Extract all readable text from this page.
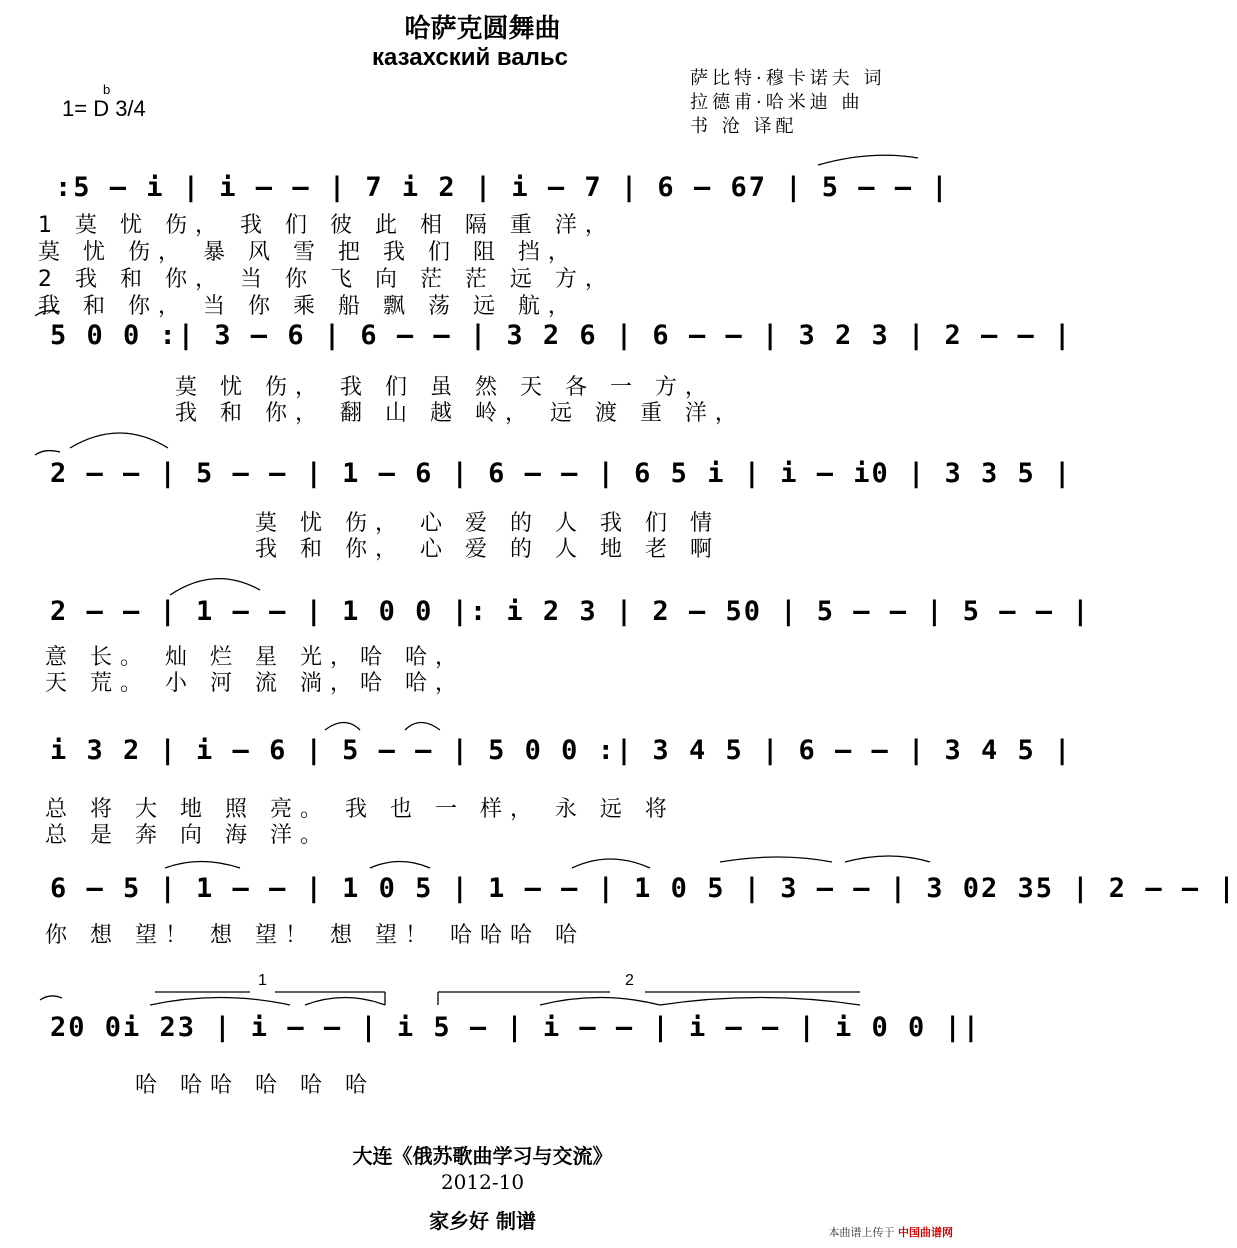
哈萨克圆舞曲
казахский вальс
b
1= D 3/4
萨比特·穆卡诺夫 词
拉德甫·哈米迪 曲
书 沧 译配
1	2
:5 – i | i – – | 7 i 2 | i – 7 | 6 – 67 | 5 – – |
1 莫 忧 伤， 我 们 彼 此 相 隔 重 洋，
莫 忧 伤， 暴 风 雪 把 我 们 阻 挡，
2 我 和 你， 当 你 飞 向 茫 茫 远 方，
我 和 你， 当 你 乘 船 飘 荡 远 航，
5 0 0 :| 3 – 6 | 6 – – | 3 2 6 | 6 – – | 3 2 3 | 2 – – |
莫 忧 伤， 我 们 虽 然 天 各 一 方，
我 和 你， 翻 山 越 岭， 远 渡 重 洋，
2 – – | 5 – – | 1 – 6 | 6 – – | 6 5 i | i – i0 | 3 3 5 |
莫 忧 伤， 心 爱 的 人 我 们 情
我 和 你， 心 爱 的 人 地 老 啊
2 – – | 1 – – | 1 0 0 |: i 2 3 | 2 – 50 | 5 – – | 5 – – |
意 长。 灿 烂 星 光，哈 哈，
天 荒。 小 河 流 淌，哈 哈，
i 3 2 | i – 6 | 5 – – | 5 0 0 :| 3 4 5 | 6 – – | 3 4 5 |
总 将 大 地 照 亮。 我 也 一 样， 永 远 将
总 是 奔 向 海 洋。
6 – 5 | 1 – – | 1 0 5 | 1 – – | 1 0 5 | 3 – – | 3 02 35 | 2 – – |
你 想 望！ 想 望！ 想 望！ 哈哈哈 哈
20 0i 23 | i – – | i 5 – | i – – | i – – | i 0 0 ||
哈 哈哈 哈 哈 哈
大连《俄苏歌曲学习与交流》
2012-10
家乡好 制谱	本曲谱上传于 中国曲谱网
